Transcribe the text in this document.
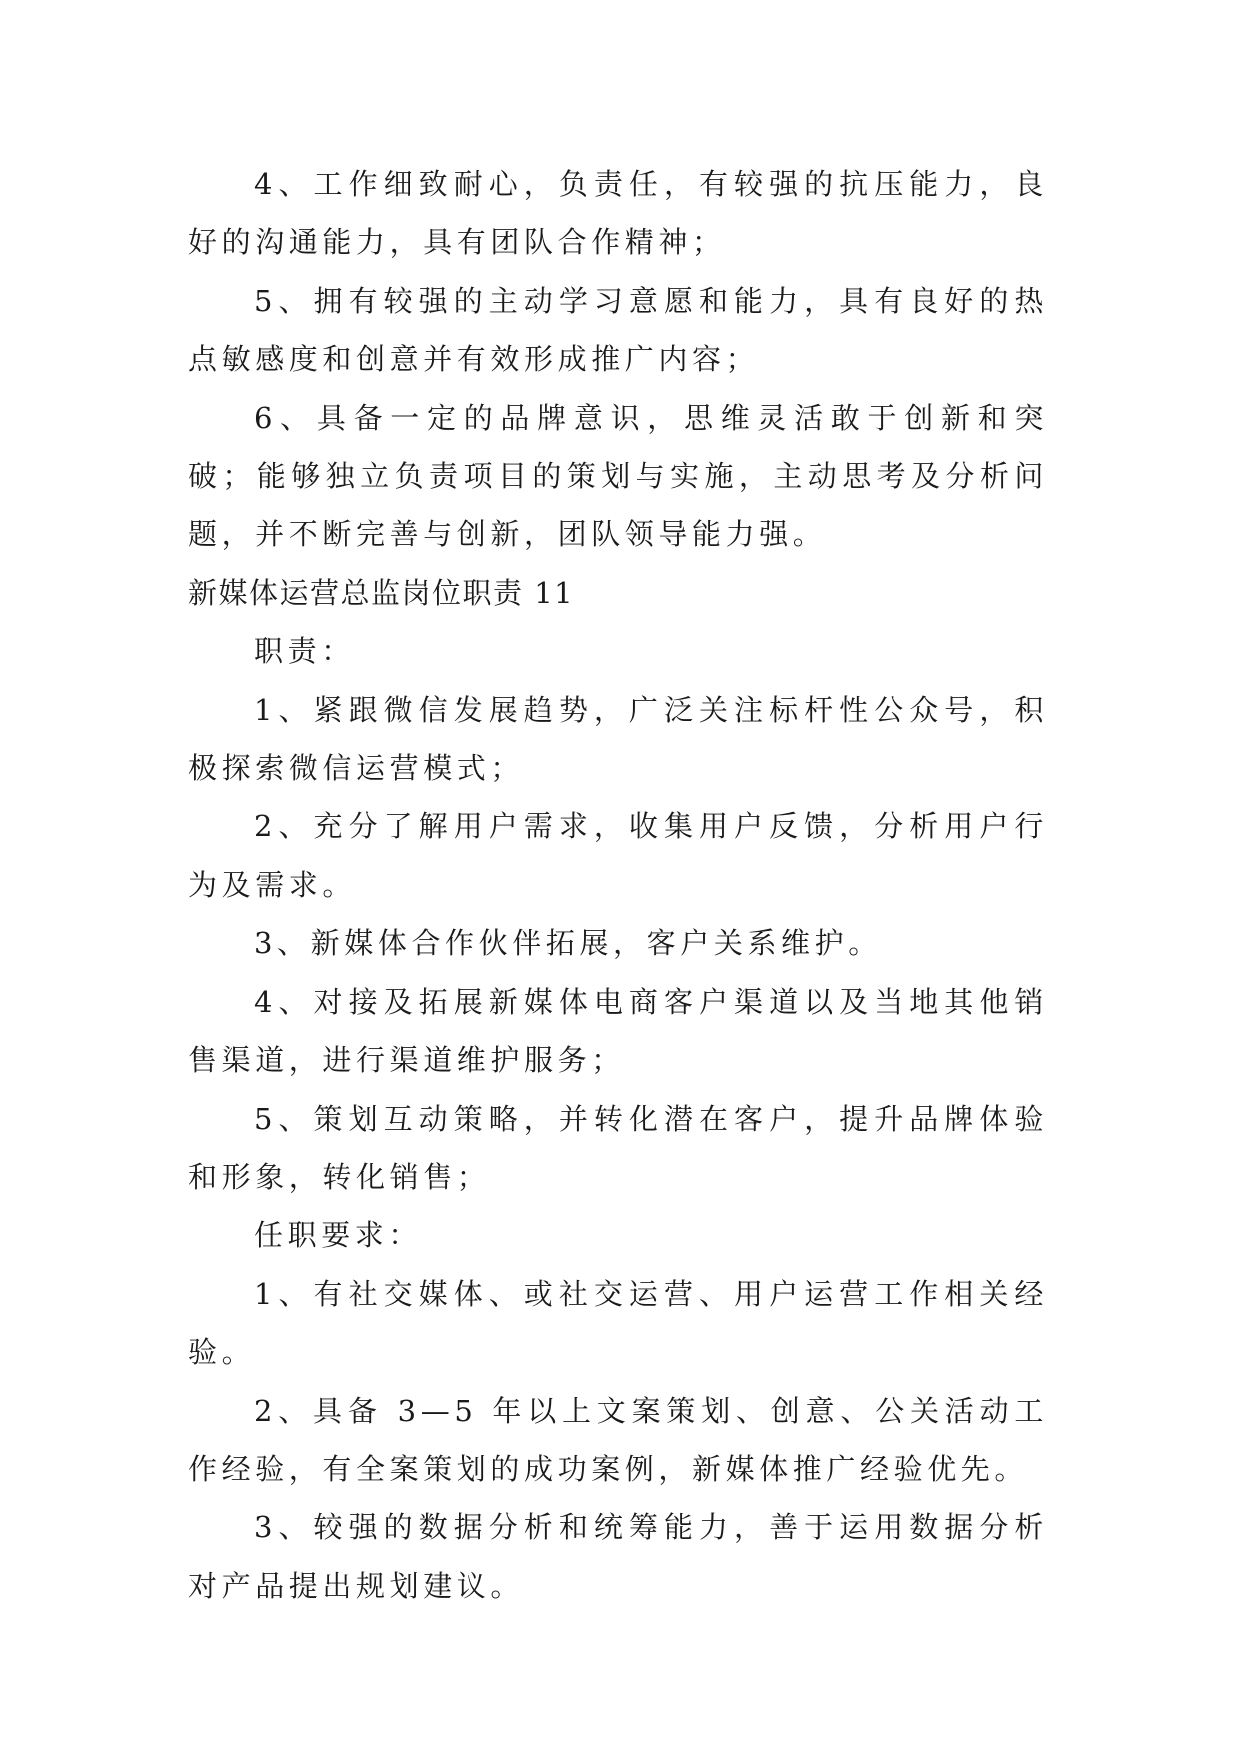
4、工作细致耐心，负责任，有较强的抗压能力，良好的沟通能力，具有团队合作精神；

5、拥有较强的主动学习意愿和能力，具有良好的热点敏感度和创意并有效形成推广内容；

6、具备一定的品牌意识，思维灵活敢于创新和突破；能够独立负责项目的策划与实施，主动思考及分析问题，并不断完善与创新，团队领导能力强。

新媒体运营总监岗位职责 11

职责：

1、紧跟微信发展趋势，广泛关注标杆性公众号，积极探索微信运营模式；

2、充分了解用户需求，收集用户反馈，分析用户行为及需求。

3、新媒体合作伙伴拓展，客户关系维护。

4、对接及拓展新媒体电商客户渠道以及当地其他销售渠道，进行渠道维护服务；

5、策划互动策略，并转化潜在客户，提升品牌体验和形象，转化销售；

任职要求：

1、有社交媒体、或社交运营、用户运营工作相关经验。

2、具备 3—5 年以上文案策划、创意、公关活动工作经验，有全案策划的成功案例，新媒体推广经验优先。

3、较强的数据分析和统筹能力，善于运用数据分析对产品提出规划建议。
